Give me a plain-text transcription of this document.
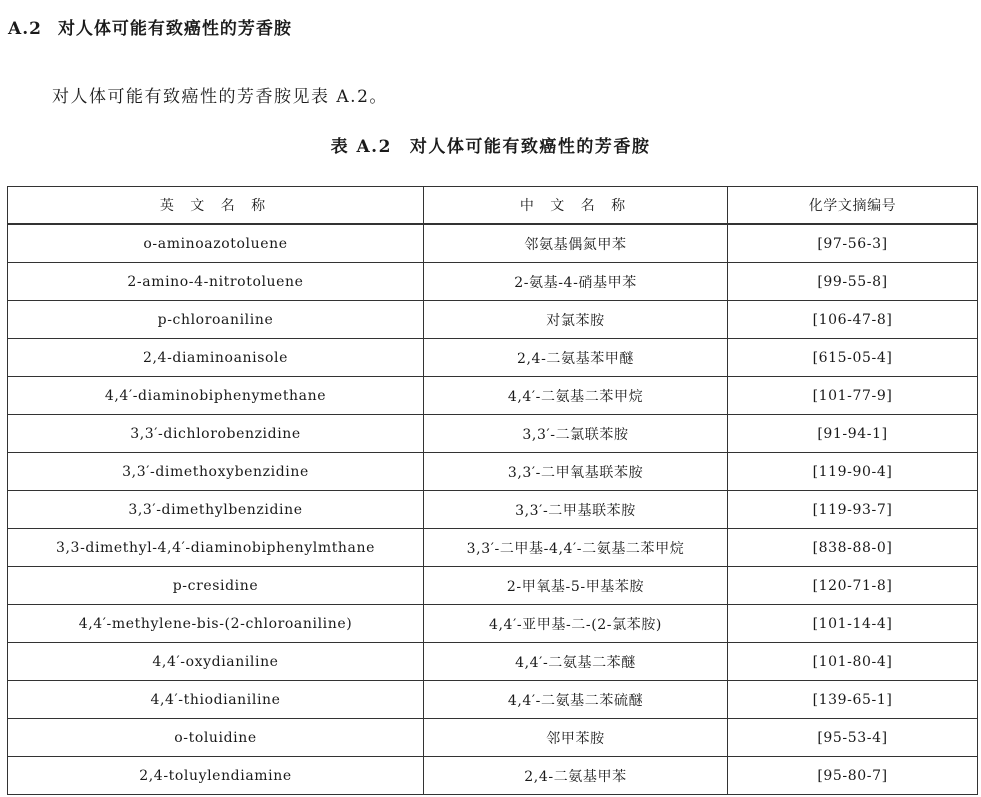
A.2 对人体可能有致癌性的芳香胺
对人体可能有致癌性的芳香胺见表 A.2。
表 A.2 对人体可能有致癌性的芳香胺
英 文 名 称	中 文 名 称	化学文摘编号
o-aminoazotoluene	邻氨基偶氮甲苯	[97-56-3]
2-amino-4-nitrotoluene	2-氨基-4-硝基甲苯	[99-55-8]
p-chloroaniline	对氯苯胺	[106-47-8]
2,4-diaminoanisole	2,4-二氨基苯甲醚	[615-05-4]
4,4′-diaminobiphenymethane	4,4′-二氨基二苯甲烷	[101-77-9]
3,3′-dichlorobenzidine	3,3′-二氯联苯胺	[91-94-1]
3,3′-dimethoxybenzidine	3,3′-二甲氧基联苯胺	[119-90-4]
3,3′-dimethylbenzidine	3,3′-二甲基联苯胺	[119-93-7]
3,3-dimethyl-4,4′-diaminobiphenylmthane	3,3′-二甲基-4,4′-二氨基二苯甲烷	[838-88-0]
p-cresidine	2-甲氧基-5-甲基苯胺	[120-71-8]
4,4′-methylene-bis-(2-chloroaniline)	4,4′-亚甲基-二-(2-氯苯胺)	[101-14-4]
4,4′-oxydianiline	4,4′-二氨基二苯醚	[101-80-4]
4,4′-thiodianiline	4,4′-二氨基二苯硫醚	[139-65-1]
o-toluidine	邻甲苯胺	[95-53-4]
2,4-toluylendiamine	2,4-二氨基甲苯	[95-80-7]
